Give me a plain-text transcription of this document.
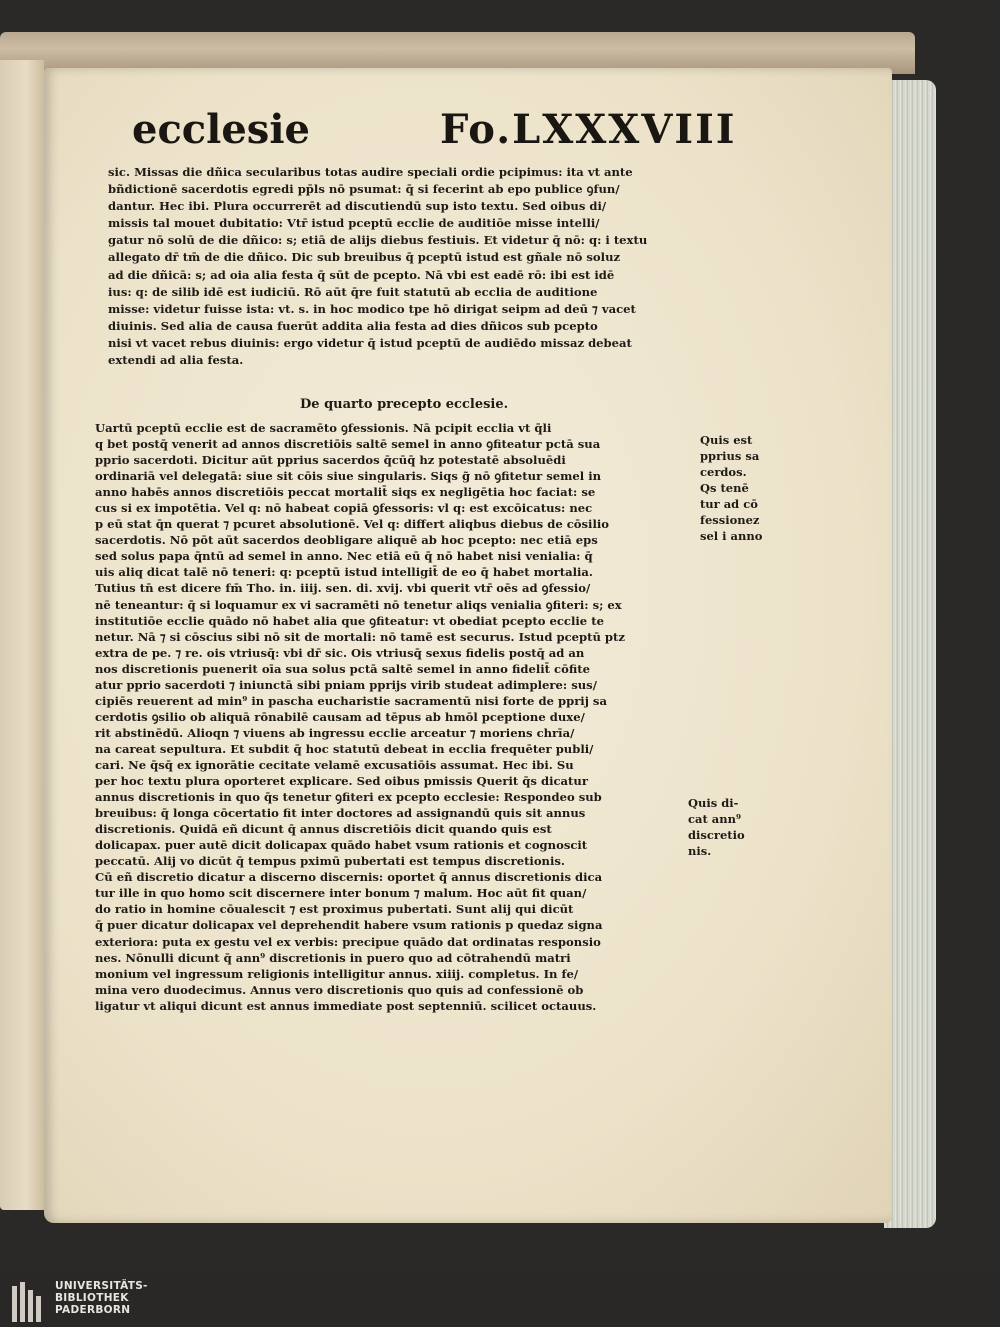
ecclesie	Fo.LXXXVIII
sic. Missas die dñica secularibus totas audire speciali ordie pcipimus: ita vt ante
bñdictionē sacerdotis egredi pp̄ls nō psumat: q̄ si fecerint ab epo publice ꝯfun/
dantur. Hec ibi. Plura occurrerēt ad discutiendū sup isto textu. Sed oibus di/
missis tal mouet dubitatio: Vtr̄ istud pceptū ecclie de auditiōe misse intelli/
gatur nō solū de die dñico: s; etiā de alijs diebus festiuis. Et videtur q̄ nō: q: i textu
allegato dr̄ tm̄ de die dñico. Dic sub breuibus q̄ pceptū istud est gñale nō soluz
ad die dñicā: s; ad oia alia festa q̄ sūt de pcepto. Nā vbi est eadē rō: ibi est idē
ius: q: de silib idē est iudiciū. Rō aūt q̄re fuit statutū ab ecclia de auditione
misse: videtur fuisse ista: vt. s. in hoc modico tpe hō dirigat seipm ad deū ⁊ vacet
diuinis. Sed alia de causa fuerūt addita alia festa ad dies dñicos sub pcepto
nisi vt vacet rebus diuinis: ergo videtur q̄ istud pceptū de audiēdo missaz debeat
extendi ad alia festa.
De quarto precepto ecclesie.
Uartū pceptū ecclie est de sacramēto ꝯfessionis. Nā pcipit ecclia vt q̄li
q bet postq̄ venerit ad annos discretiōis saltē semel in anno ꝯfiteatur pctā sua
pprio sacerdoti. Dicitur aūt pprius sacerdos q̄cūq̄ hz potestatē absoluēdi
ordinariā vel delegatā: siue sit cōis siue singularis. Siqs g̃ nō ꝯfitetur semel in
anno habēs annos discretiōis peccat mortalit̄ siqs ex negligētia hoc faciat: se
cus si ex impotētia. Vel q: nō habeat copiā ꝯfessoris: vl q: est excōicatus: nec
p eū stat q̄n querat ⁊ pcuret absolutionē. Vel q: differt aliqbus diebus de cōsilio
sacerdotis. Nō pōt aūt sacerdos deobligare aliquē ab hoc pcepto: nec etiā eps
sed solus papa q̄ntū ad semel in anno. Nec etiā eū q̄ nō habet nisi venialia: q̄
uis aliq dicat talē nō teneri: q: pceptū istud intelligit̄ de eo q̄ habet mortalia.
Tutius tn̄ est dicere fm̄ Tho. in. iiij. sen. di. xvij. vbi querit vtr̄ oēs ad ꝯfessio/
nē teneantur: q̄ si loquamur ex vi sacramēti nō tenetur aliqs venialia ꝯfiteri: s; ex
institutiōe ecclie quādo nō habet alia que ꝯfiteatur: vt obediat pcepto ecclie te
netur. Nā ⁊ si cōscius sibi nō sit de mortali: nō tamē est securus. Istud pceptū ptz
extra de pe. ⁊ re. ois vtriusq̄: vbi dr̄ sic. Ois vtriusq̄ sexus fidelis postq̄ ad an
nos discretionis puenerit oīa sua solus pctā saltē semel in anno fidelit̄ cōfite
atur pprio sacerdoti ⁊ iniunctā sibi pniam pprijs virib studeat adimplere: sus/
cipiēs reuerent ad min⁹ in pascha eucharistie sacramentū nisi forte de pprij sa
cerdotis ꝯsilio ob aliquā rōnabilē causam ad tēpus ab hmōl pceptione duxe/
rit abstinēdū. Alioqn ⁊ viuens ab ingressu ecclie arceatur ⁊ moriens chrīa/
na careat sepultura. Et subdit q̄ hoc statutū debeat in ecclia frequēter publi/
cari. Ne q̄sq̄ ex ignorātie cecitate velamē excusatiōis assumat. Hec ibi. Su
per hoc textu plura oporteret explicare. Sed oibus pmissis Querit q̄s dicatur
annus discretionis in quo q̄s tenetur ꝯfiteri ex pcepto ecclesie: Respondeo sub
breuibus: q̄ longa cōcertatio fit inter doctores ad assignandū quis sit annus
discretionis. Quidā eñ dicunt q̄ annus discretiōis dicit quando quis est
dolicapax. puer autē dicit dolicapax quādo habet vsum rationis et cognoscit
peccatū. Alij vo dicūt q̄ tempus pximū pubertati est tempus discretionis.
Cū eñ discretio dicatur a discerno discernis: oportet q̄ annus discretionis dica
tur ille in quo homo scit discernere inter bonum ⁊ malum. Hoc aūt fit quan/
do ratio in homine cōualescit ⁊ est proximus pubertati. Sunt alij qui dicūt
q̄ puer dicatur dolicapax vel deprehendit habere vsum rationis p quedaz signa
exteriora: puta ex gestu vel ex verbis: precipue quādo dat ordinatas responsio
nes. Nōnulli dicunt q̄ ann⁹ discretionis in puero quo ad cōtrahendū matri
monium vel ingressum religionis intelligitur annus. xiiij. completus. In fe/
mina vero duodecimus. Annus vero discretionis quo quis ad confessionē ob
ligatur vt aliqui dicunt est annus immediate post septenniū. scilicet octauus.
Quis est
pprius sa
cerdos.
Qs tenē
tur ad cō
fessionez
sel i anno
Quis di-
cat ann⁹
discretio
nis.
UNIVERSITÄTS-
BIBLIOTHEK
PADERBORN
